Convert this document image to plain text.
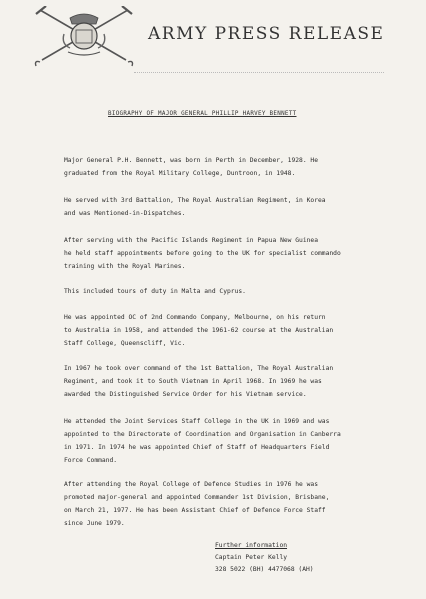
ARMY PRESS RELEASE
BIOGRAPHY OF MAJOR GENERAL PHILLIP HARVEY BENNETT
Major General P.H. Bennett, was born in Perth in December, 1928. He
graduated from the Royal Military College, Duntroon, in 1948.
He served with 3rd Battalion, The Royal Australian Regiment, in Korea
and was Mentioned-in-Dispatches.
After serving with the Pacific Islands Regiment in Papua New Guinea
he held staff appointments before going to the UK for specialist commando
training with the Royal Marines.
This included tours of duty in Malta and Cyprus.
He was appointed OC of 2nd Commando Company, Melbourne, on his return
to Australia in 1958, and attended the 1961-62 course at the Australian
Staff College, Queenscliff, Vic.
In 1967 he took over command of the 1st Battalion, The Royal Australian
Regiment, and took it to South Vietnam in April 1968. In 1969 he was
awarded the Distinguished Service Order for his Vietnam service.
He attended the Joint Services Staff College in the UK in 1969 and was
appointed to the Directorate of Coordination and Organisation in Canberra
in 1971. In 1974 he was appointed Chief of Staff of Headquarters Field
Force Command.
After attending the Royal College of Defence Studies in 1976 he was
promoted major-general and appointed Commander 1st Division, Brisbane,
on March 21, 1977. He has been Assistant Chief of Defence Force Staff
since June 1979.
Further information
Captain Peter Kelly
328 5022 (BH) 4477068 (AH)
